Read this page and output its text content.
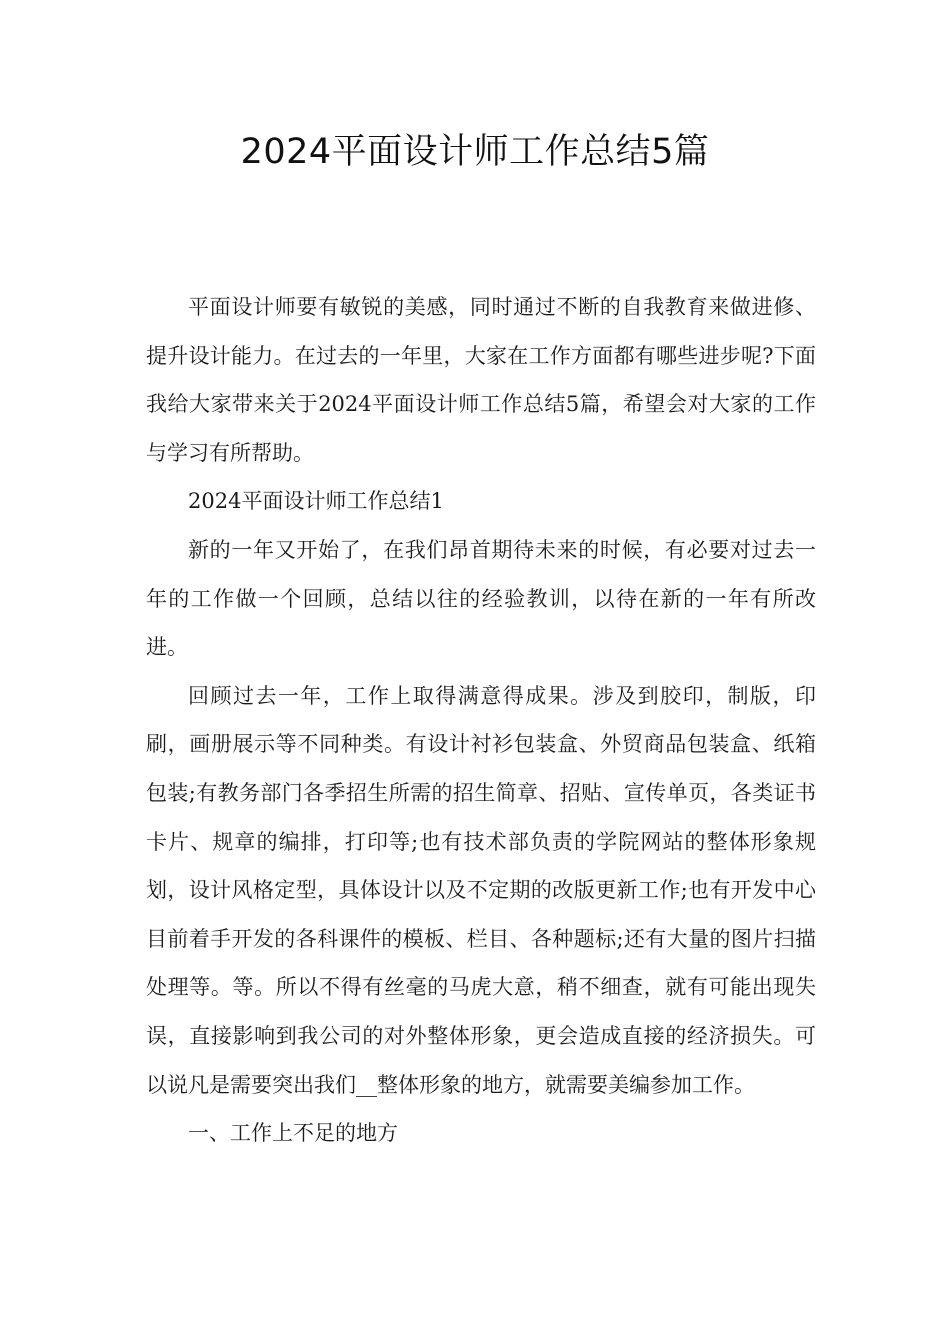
2024平面设计师工作总结5篇

平面设计师要有敏锐的美感，同时通过不断的自我教育来做进修、提升设计能力。在过去的一年里，大家在工作方面都有哪些进步呢?下面我给大家带来关于2024平面设计师工作总结5篇，希望会对大家的工作与学习有所帮助。

2024平面设计师工作总结1

新的一年又开始了，在我们昂首期待未来的时候，有必要对过去一年的工作做一个回顾，总结以往的经验教训，以待在新的一年有所改进。

回顾过去一年，工作上取得满意得成果。涉及到胶印，制版，印刷，画册展示等不同种类。有设计衬衫包装盒、外贸商品包装盒、纸箱包装;有教务部门各季招生所需的招生简章、招贴、宣传单页，各类证书卡片、规章的编排，打印等;也有技术部负责的学院网站的整体形象规划，设计风格定型，具体设计以及不定期的改版更新工作;也有开发中心目前着手开发的各科课件的模板、栏目、各种题标;还有大量的图片扫描处理等。等。所以不得有丝毫的马虎大意，稍不细查，就有可能出现失误，直接影响到我公司的对外整体形象，更会造成直接的经济损失。可以说凡是需要突出我们__整体形象的地方，就需要美编参加工作。

一、工作上不足的地方
